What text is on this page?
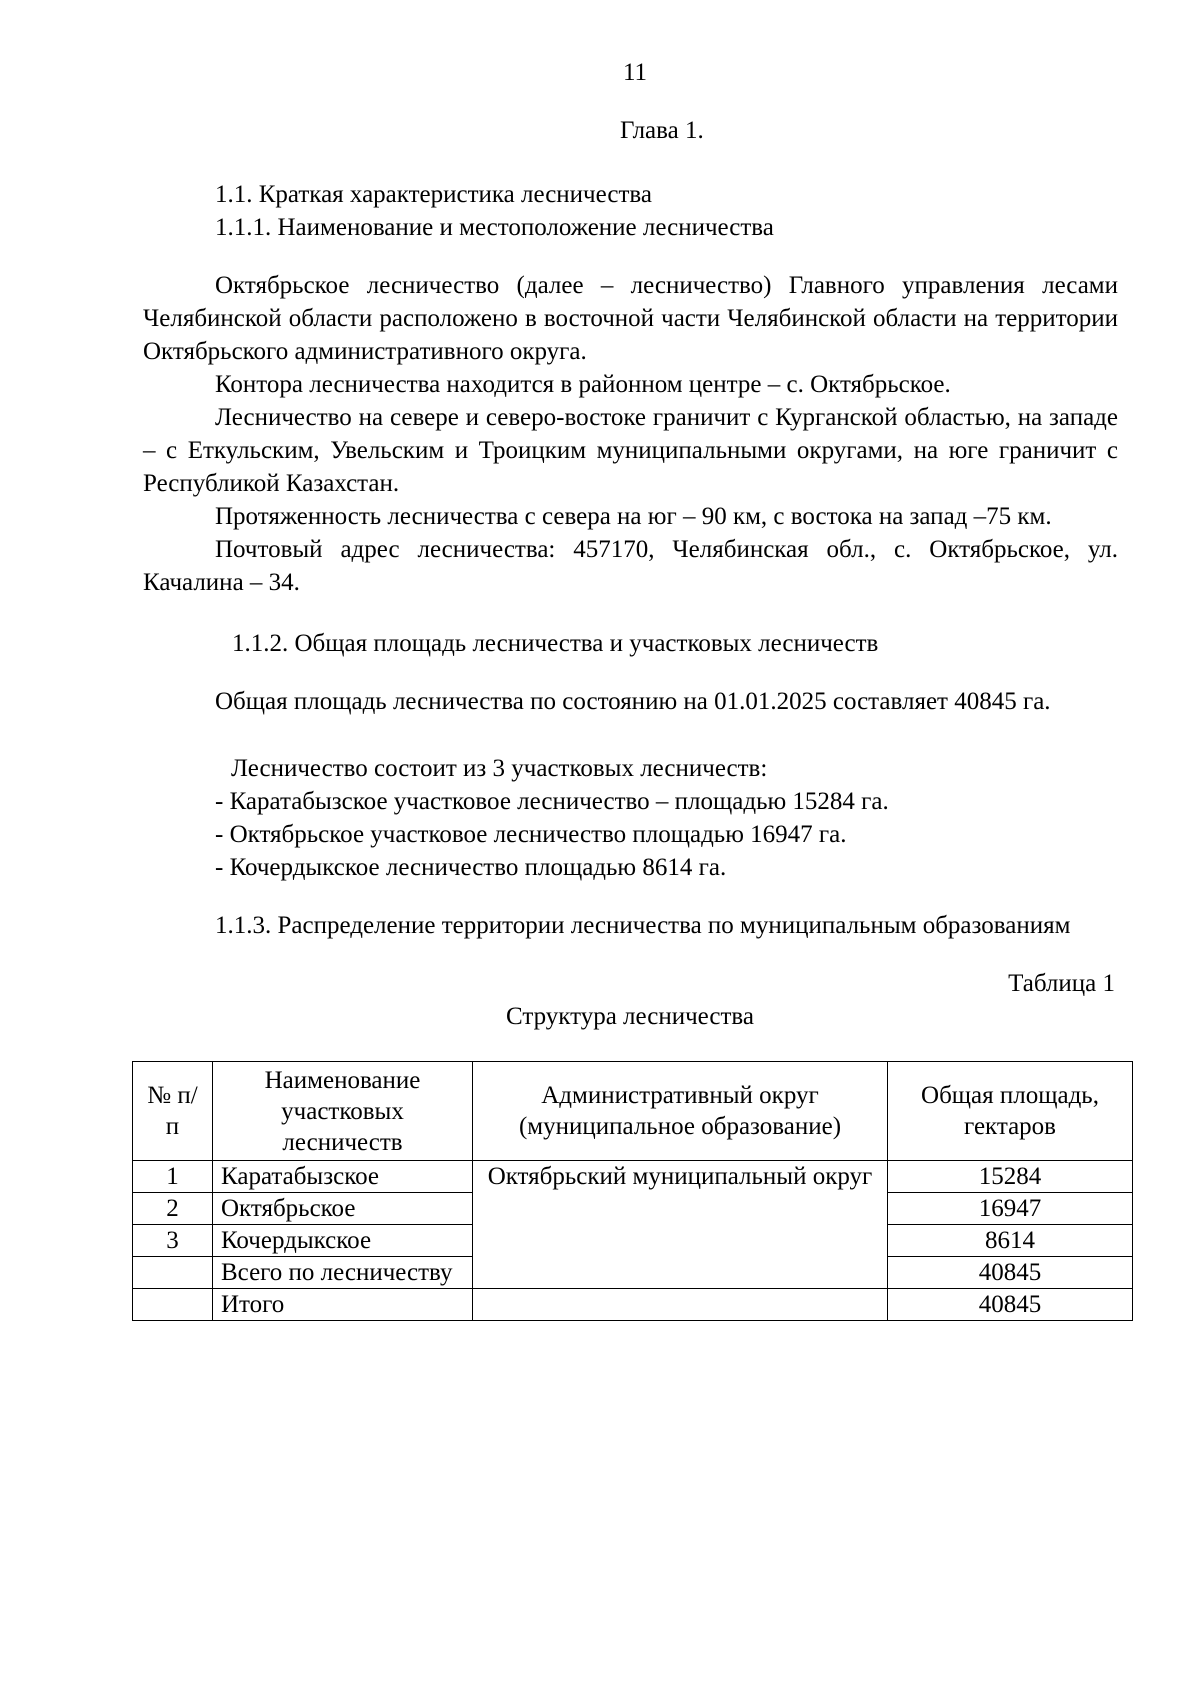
11
Глава 1.
1.1. Краткая характеристика лесничества
1.1.1. Наименование и местоположение лесничества

Октябрьское лесничество (далее – лесничество) Главного управления лесами Челябинской области расположено в восточной части Челябинской области на территории Октябрьского административного округа.

Контора лесничества находится в районном центре – с. Октябрьское.

Лесничество на севере и северо-востоке граничит с Курганской областью, на западе – с Еткульским, Увельским и Троицким муниципальными округами, на юге граничит с Республикой Казахстан.

Протяженность лесничества с севера на юг – 90 км, с востока на запад –75 км.

Почтовый адрес лесничества: 457170, Челябинская обл., с. Октябрьское, ул. Качалина – 34.

1.1.2. Общая площадь лесничества и участковых лесничеств

Общая площадь лесничества по состоянию на 01.01.2025 составляет 40845 га.

Лесничество состоит из 3 участковых лесничеств:
- Каратабызское участковое лесничество – площадью 15284 га.
- Октябрьское участковое лесничество площадью 16947 га.
- Кочердыкское лесничество площадью 8614 га.

1.1.3. Распределение территории лесничества по муниципальным образованиям

Таблица 1
Структура лесничества
№ п/п	Наименование участковых лесничеств	Административный округ (муниципальное образование)	Общая площадь, гектаров
1	Каратабызское	Октябрьский муниципальный округ	15284
2	Октябрьское		16947
3	Кочердыкское		8614
	Всего по лесничеству		40845
	Итого		40845
